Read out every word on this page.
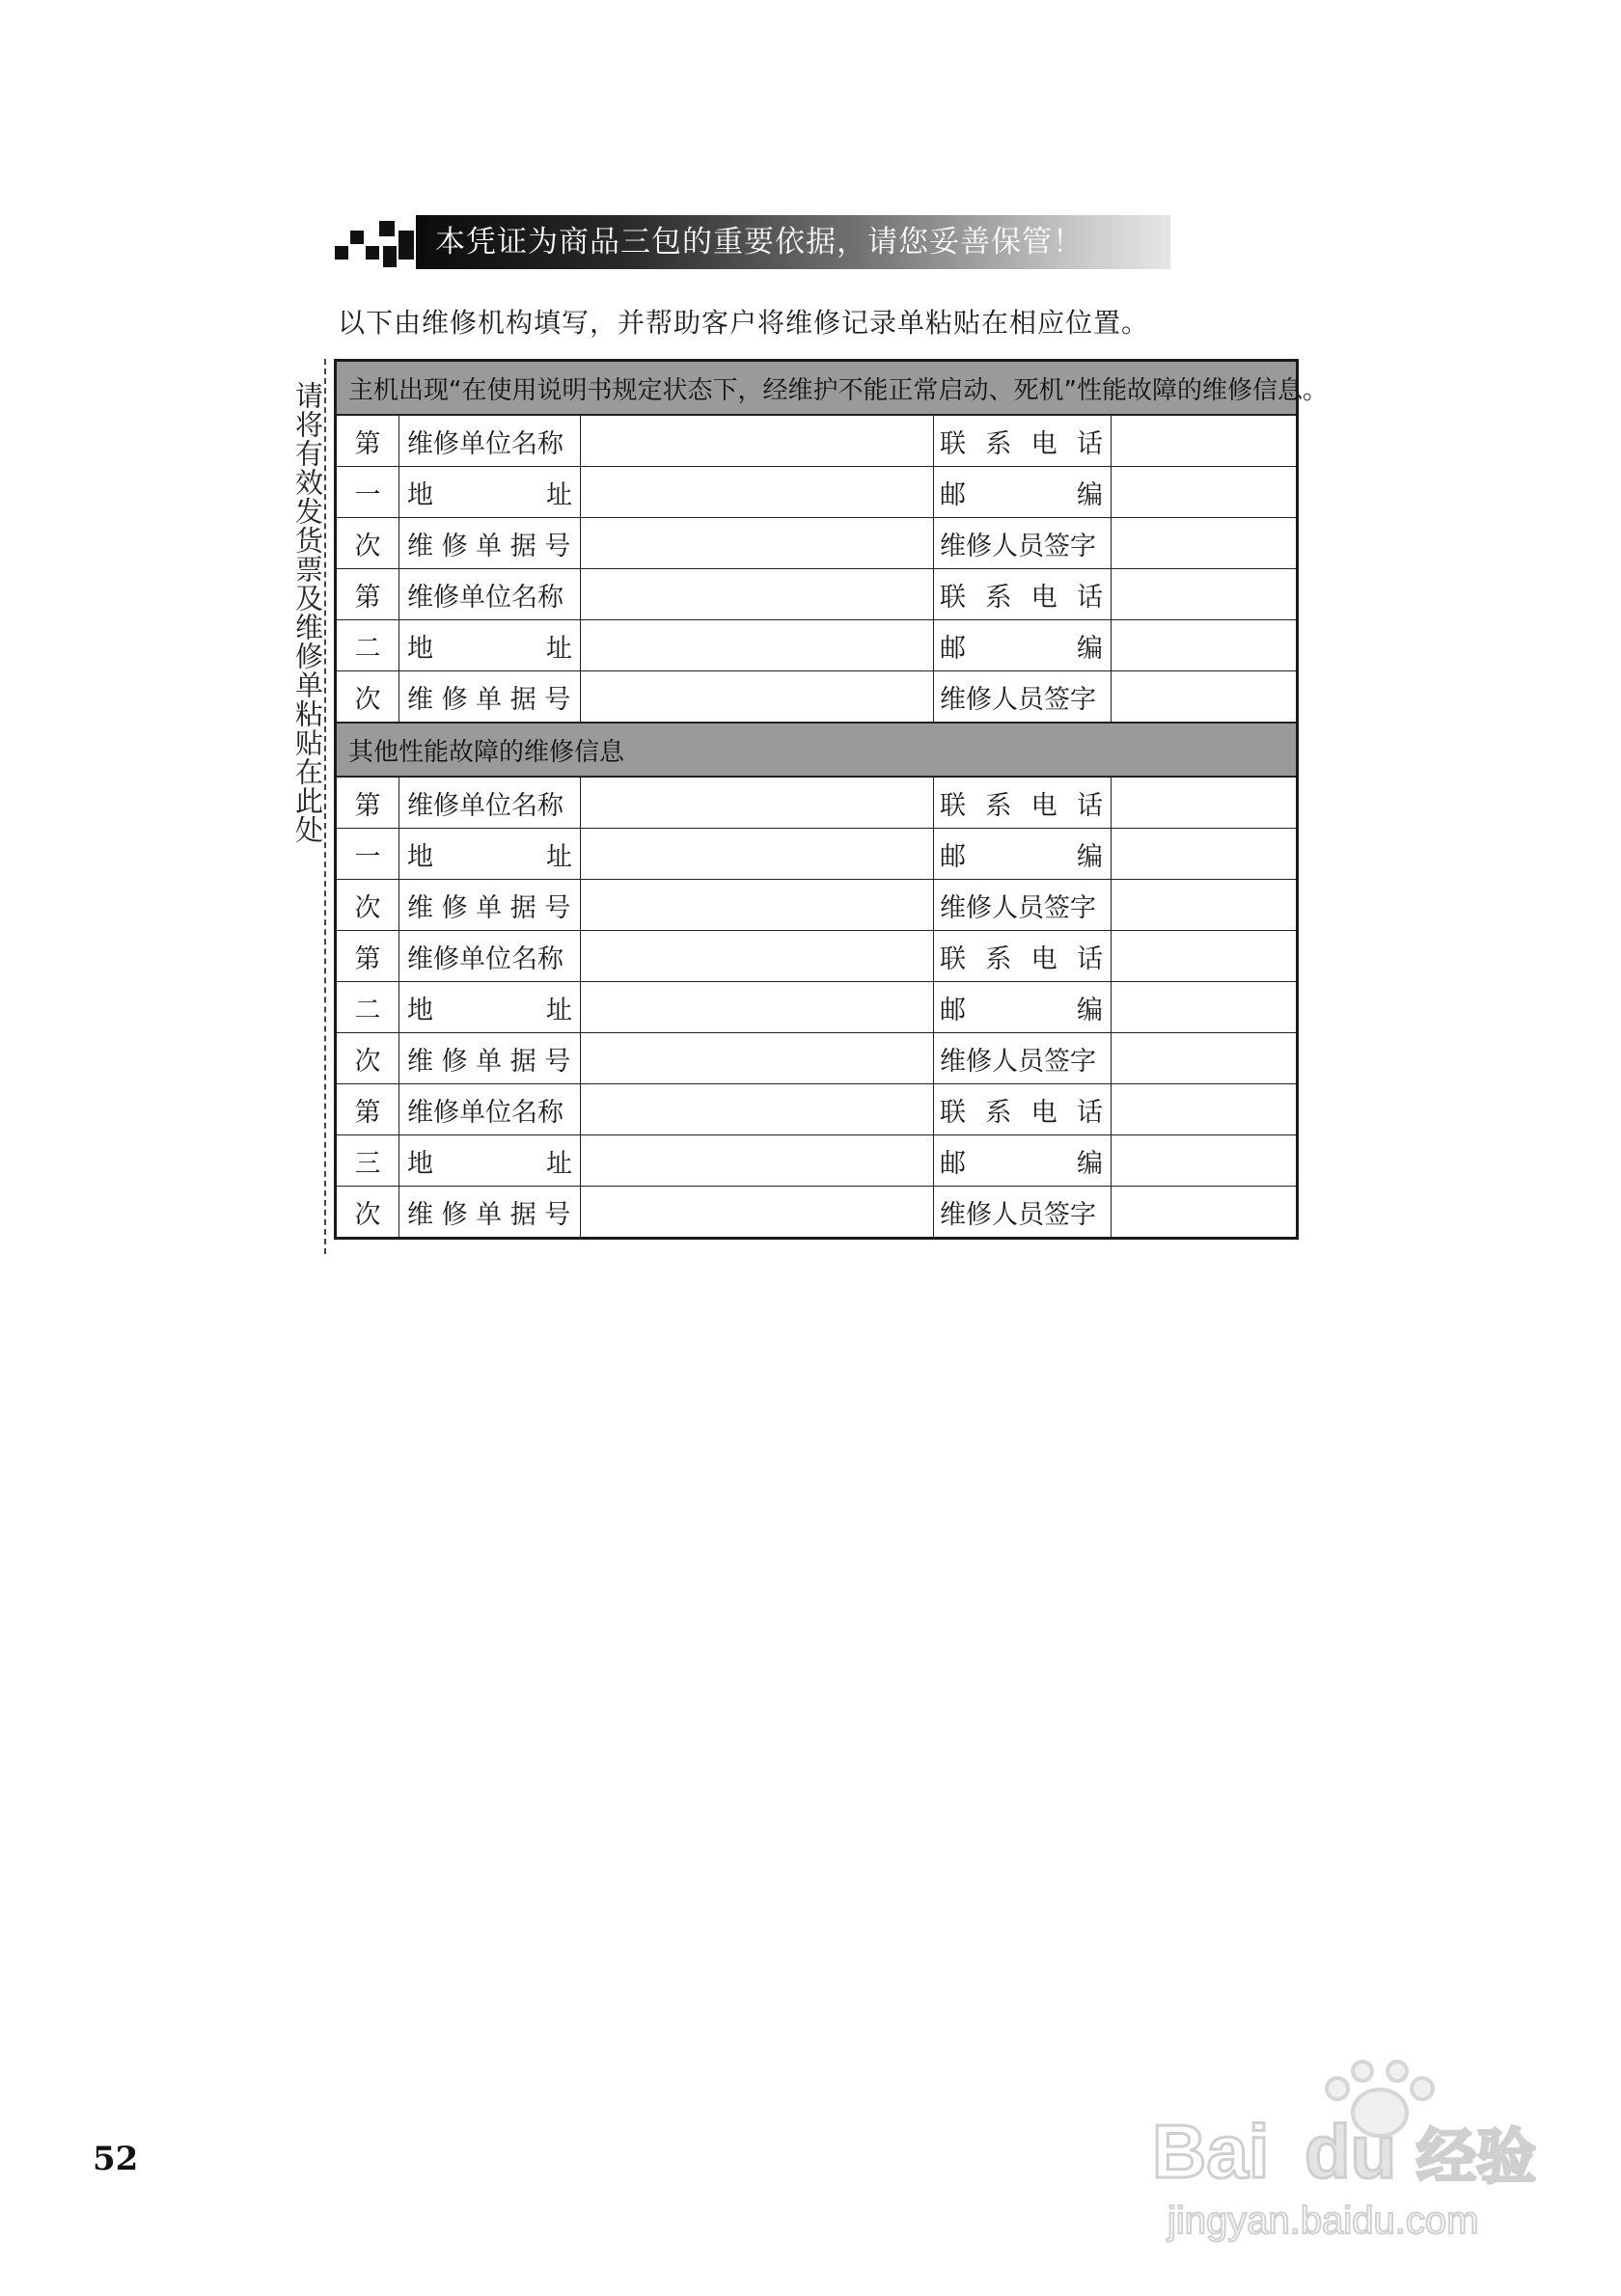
本凭证为商品三包的重要依据，请您妥善保管！
以下由维修机构填写，并帮助客户将维修记录单粘贴在相应位置。
请将有效发货票及维修单粘贴在此处 主机出现“在使用说明书规定状态下，经维护不能正常启动、死机”性能故障的维修信息。				
第	维修单位名称		联 系 电 话	

一	地 址		邮 编	

次	维 修 单 据 号		维修人员签字	
第	维修单位名称		联 系 电 话	

二	地 址		邮 编	

次	维 修 单 据 号		维修人员签字	
其他性能故障的维修信息				
第	维修单位名称		联 系 电 话	

一	地 址		邮 编	

次	维 修 单 据 号		维修人员签字	
第	维修单位名称		联 系 电 话	

二	地 址		邮 编	

次	维 修 单 据 号		维修人员签字	
第	维修单位名称		联 系 电 话	

三	地 址		邮 编	

次	维 修 单 据 号		维修人员签字	
52	Bai du 经验
jingyan.baidu.com
